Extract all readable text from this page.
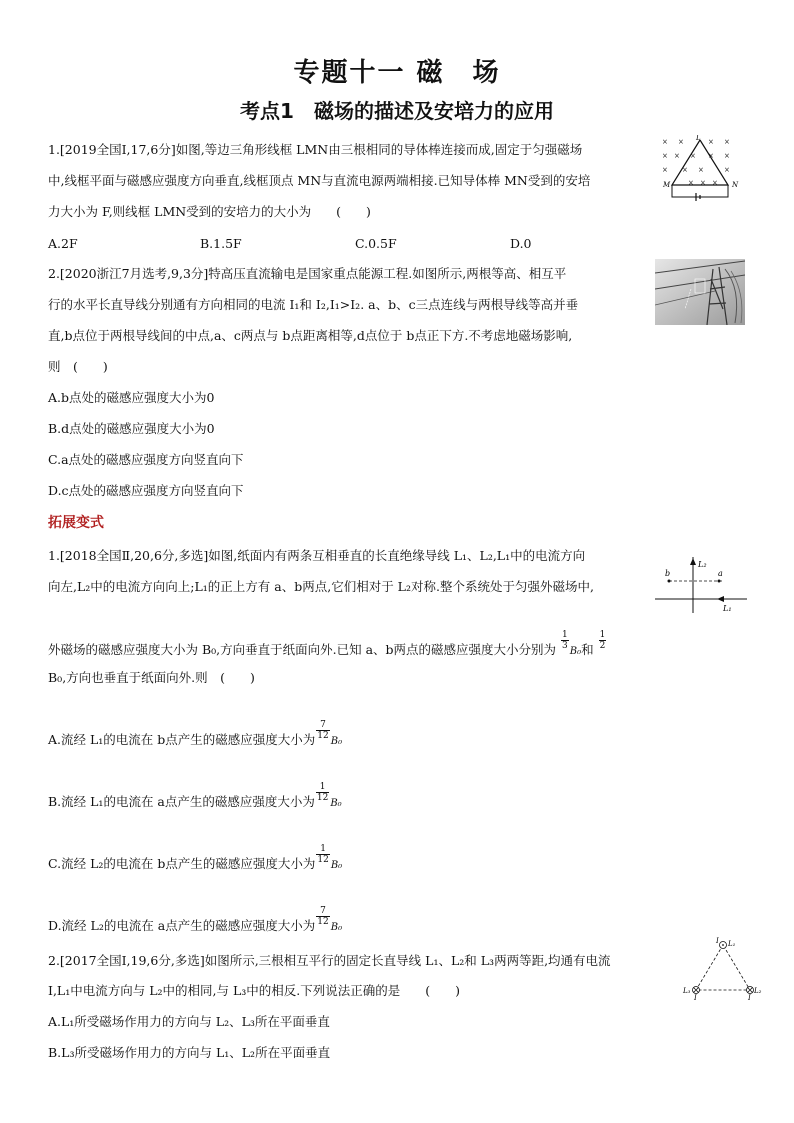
专题十一 磁　场
考点1　磁场的描述及安培力的应用
1.[2019全国Ⅰ,17,6分]如图,等边三角形线框 LMN由三根相同的导体棒连接而成,固定于匀强磁场
中,线框平面与磁感应强度方向垂直,线框顶点 MN与直流电源两端相接.已知导体棒 MN受到的安培
力大小为 F,则线框 LMN受到的安培力的大小为　　(　　)
A.2F	B.1.5F	C.0.5F	D.0
× ×	× ×
× × × × ×
× × ×	×
× × ×
L
M	N
2.[2020浙江7月选考,9,3分]特高压直流输电是国家重点能源工程.如图所示,两根等高、相互平
行的水平长直导线分别通有方向相同的电流 I₁和 I₂,I₁>I₂. a、b、c三点连线与两根导线等高并垂
直,b点位于两根导线间的中点,a、c两点与 b点距离相等,d点位于 b点正下方.不考虑地磁场影响,
则　(　　)
A.b点处的磁感应强度大小为0
B.d点处的磁感应强度大小为0
C.a点处的磁感应强度方向竖直向下
D.c点处的磁感应强度方向竖直向下
拓展变式
1.[2018全国Ⅱ,20,6分,多选]如图,纸面内有两条互相垂直的长直绝缘导线 L₁、L₂,L₁中的电流方向
向左,L₂中的电流方向向上;L₁的正上方有 a、b两点,它们相对于 L₂对称.整个系统处于匀强外磁场中,
外磁场的磁感应强度大小为 B₀,方向垂直于纸面向外.已知 a、b两点的磁感应强度大小分别为 $\frac{1}{3}$
B₀和 $\frac{1}{2}$
B₀,方向也垂直于纸面向外.则　(　　)
A.流经 L₁的电流在 b点产生的磁感应强度大小为 $\frac{7}{12}$
B₀
B.流经 L₁的电流在 a点产生的磁感应强度大小为 $\frac{1}{12}$
B₀
C.流经 L₂的电流在 b点产生的磁感应强度大小为 $\frac{1}{12}$
B₀
D.流经 L₂的电流在 a点产生的磁感应强度大小为 $\frac{7}{12}$
B₀
b	a
L₂
L₁
2.[2017全国Ⅰ,19,6分,多选]如图所示,三根相互平行的固定长直导线 L₁、L₂和 L₃两两等距,均通有电流
I,L₁中电流方向与 L₂中的相同,与 L₃中的相反.下列说法正确的是　　(　　)
A.L₁所受磁场作用力的方向与 L₂、L₃所在平面垂直
B.L₃所受磁场作用力的方向与 L₁、L₂所在平面垂直
I L₁
L₃	L₂
I	I
